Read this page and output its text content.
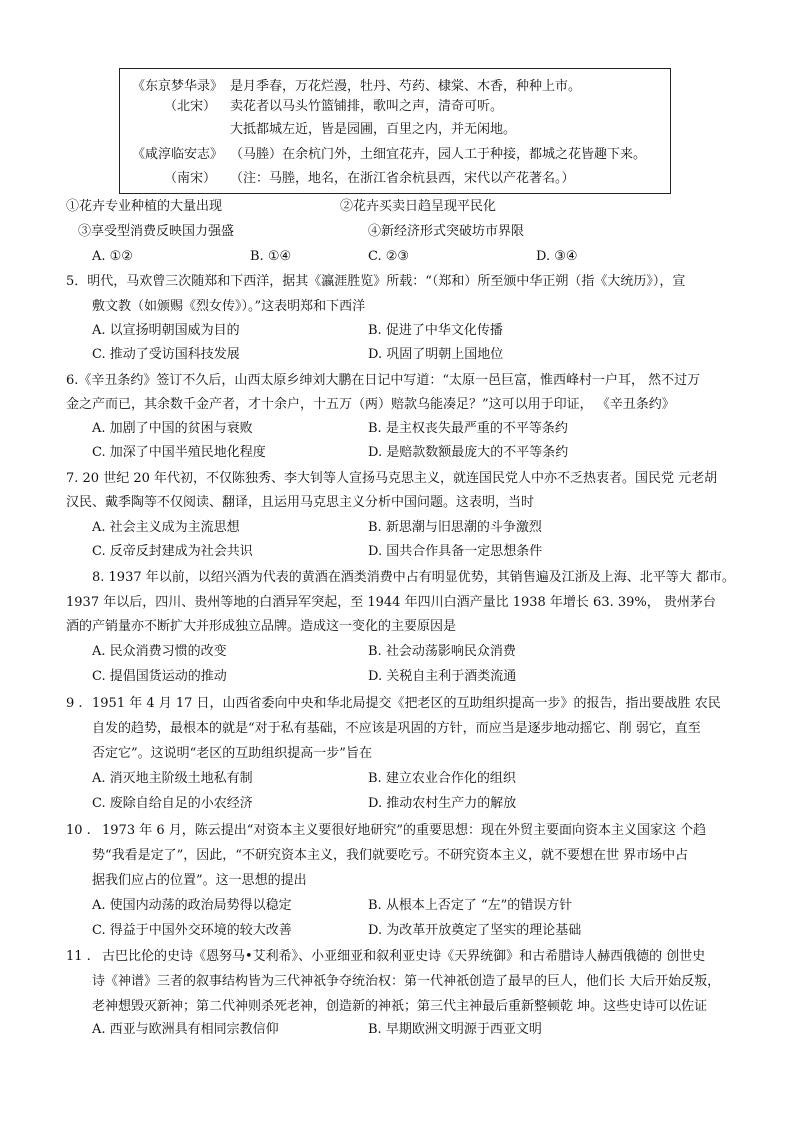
《东京梦华录》 是月季春，万花烂漫，牡丹、芍药、棣棠、木香，种种上市。
（北宋） 卖花者以马头竹篮铺排，歌叫之声，清奇可听。
大抵都城左近，皆是园圃，百里之内，并无闲地。
《咸淳临安志》 （马塍）在余杭门外，土细宜花卉，园人工于种接，都城之花皆趣下来。
（南宋） （注：马塍，地名，在浙江省余杭县西，宋代以产花著名。）
①花卉专业种植的大量出现	②花卉买卖日趋呈现平民化
③享受型消费反映国力强盛	④新经济形式突破坊市界限
A. ①②	B. ①④	C. ②③	D. ③④
5．明代，马欢曾三次随郑和下西洋，据其《瀛涯胜览》所载：“（郑和）所至颁中华正朔（指《大统历》），宣
敷文教（如颁赐《烈女传》）。”这表明郑和下西洋
A. 以宣扬明朝国威为目的	B. 促进了中华文化传播
C. 推动了受访国科技发展	D. 巩固了明朝上国地位
6.《辛丑条约》签订不久后，山西太原乡绅刘大鹏在日记中写道：“太原一邑巨富，惟西峰村一户耳， 然不过万
金之产而已，其余数千金产者，才十余户，十五万（两）赔款乌能凑足？”这可以用于印证， 《辛丑条约》
A. 加剧了中国的贫困与衰败	B. 是主权丧失最严重的不平等条约
C. 加深了中国半殖民地化程度	D. 是赔款数额最庞大的不平等条约
7. 20 世纪 20 年代初，不仅陈独秀、李大钊等人宣扬马克思主义，就连国民党人中亦不乏热衷者。国民党 元老胡
汉民、戴季陶等不仅阅读、翻译，且运用马克思主义分析中国问题。这表明，当时
A. 社会主义成为主流思想	B. 新思潮与旧思潮的斗争激烈
C. 反帝反封建成为社会共识	D. 国共合作具备一定思想条件
8. 1937 年以前，以绍兴酒为代表的黄酒在酒类消费中占有明显优势，其销售遍及江浙及上海、北平等大 都市。
1937 年以后，四川、贵州等地的白酒异军突起，至 1944 年四川白酒产量比 1938 年增长 63. 39%， 贵州茅台
酒的产销量亦不断扩大并形成独立品牌。造成这一变化的主要原因是
A. 民众消费习惯的改变	B. 社会动荡影响民众消费
C. 提倡国货运动的推动	D. 关税自主利于酒类流通
9 . 1951 年 4 月 17 日，山西省委向中央和华北局提交《把老区的互助组织提高一步》的报告，指出要战胜 农民
自发的趋势，最根本的就是“对于私有基础，不应该是巩固的方针，而应当是逐步地动摇它、削 弱它，直至
否定它”。这说明“老区的互助组织提高一步”旨在
A. 消灭地主阶级土地私有制	B. 建立农业合作化的组织
C. 废除自给自足的小农经济	D. 推动农村生产力的解放
10 . 1973 年 6 月，陈云提出“对资本主义要很好地研究”的重要思想：现在外贸主要面向资本主义国家这 个趋
势“我看是定了”，因此，“不研究资本主义，我们就要吃亏。不研究资本主义，就不要想在世 界市场中占
据我们应占的位置”。这一思想的提出
A. 使国内动荡的政治局势得以稳定	B. 从根本上否定了 “左”的错误方针
C. 得益于中国外交环境的较大改善	D. 为改革开放奠定了坚实的理论基础
11 . 古巴比伦的史诗《恩努马•艾利希》、小亚细亚和叙利亚史诗《天界统御》和古希腊诗人赫西俄德的 创世史
诗《神谱》三者的叙事结构皆为三代神祇争夺统治权：第一代神祇创造了最早的巨人，他们长 大后开始反叛，
老神想毁灭新神；第二代神则杀死老神，创造新的神祇；第三代主神最后重新整顿乾 坤。这些史诗可以佐证
A. 西亚与欧洲具有相同宗教信仰	B. 早期欧洲文明源于西亚文明
